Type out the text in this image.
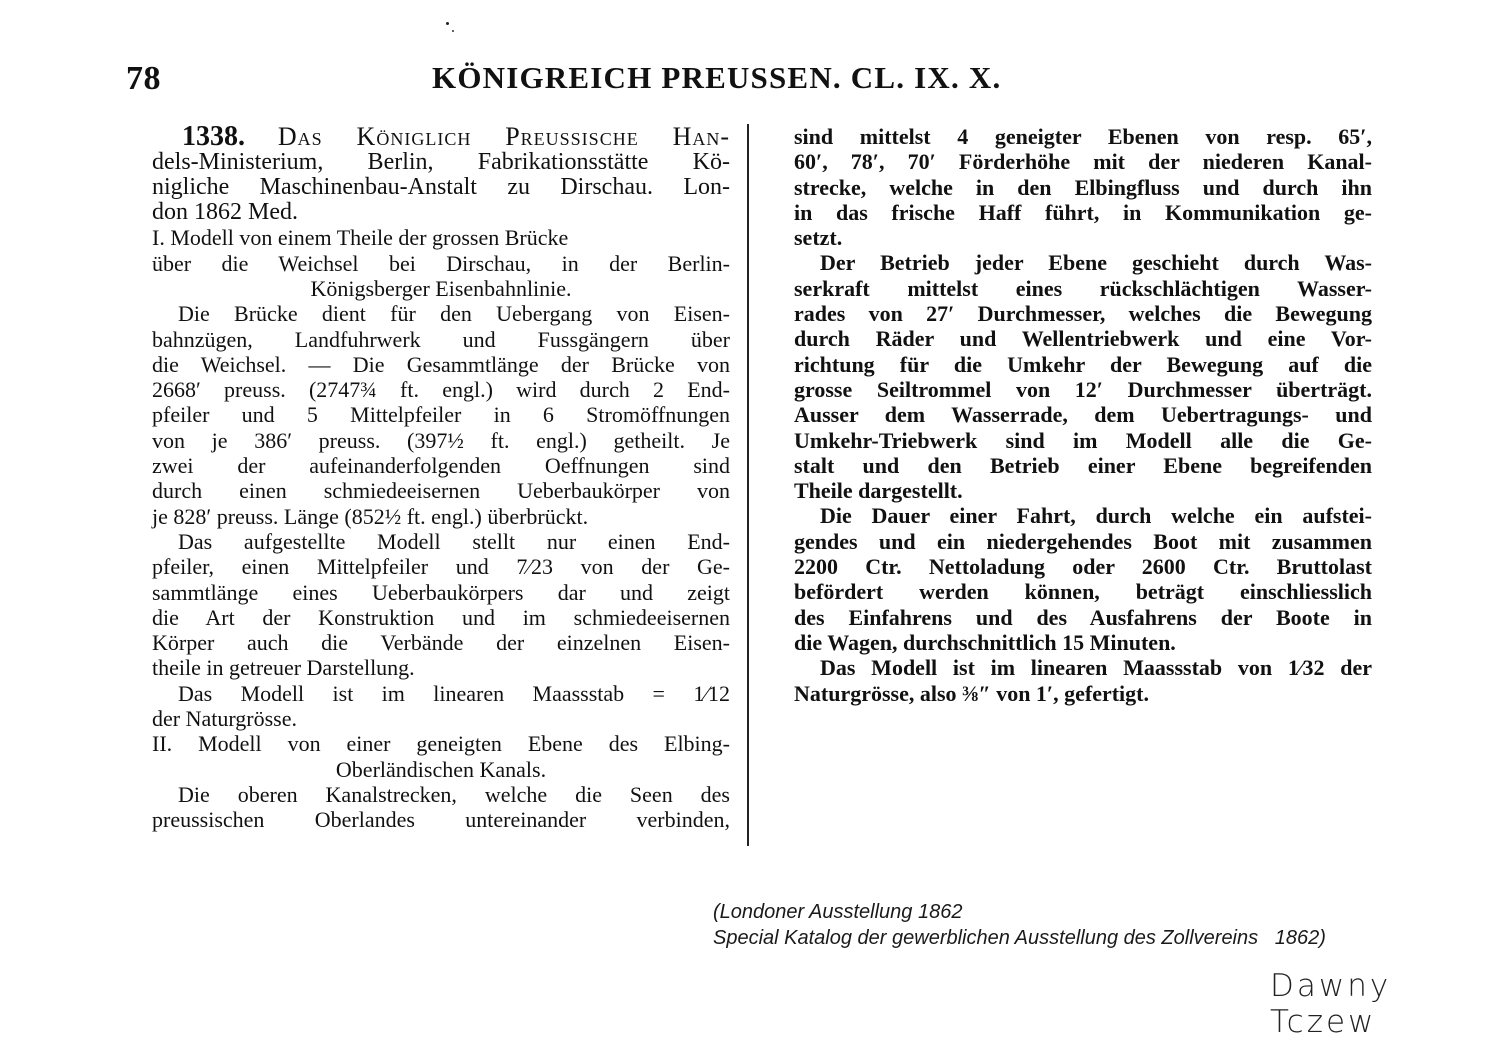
78	KÖNIGREICH PREUSSEN. CL. IX. X.
1338. Das Königlich Preussische Han-
dels-Ministerium, Berlin, Fabrikationsstätte Kö-
nigliche Maschinenbau-Anstalt zu Dirschau. Lon-
don 1862 Med.
I. Modell von einem Theile der grossen Brücke
über die Weichsel bei Dirschau, in der Berlin-
Königsberger Eisenbahnlinie.
Die Brücke dient für den Uebergang von Eisen-
bahnzügen, Landfuhrwerk und Fussgängern über
die Weichsel. — Die Gesammtlänge der Brücke von
2668′ preuss. (2747¾ ft. engl.) wird durch 2 End-
pfeiler und 5 Mittelpfeiler in 6 Stromöffnungen
von je 386′ preuss. (397½ ft. engl.) getheilt. Je
zwei der aufeinanderfolgenden Oeffnungen sind
durch einen schmiedeeisernen Ueberbaukörper von
je 828′ preuss. Länge (852½ ft. engl.) überbrückt.
Das aufgestellte Modell stellt nur einen End-
pfeiler, einen Mittelpfeiler und 7⁄23 von der Ge-
sammtlänge eines Ueberbaukörpers dar und zeigt
die Art der Konstruktion und im schmiedeeisernen
Körper auch die Verbände der einzelnen Eisen-
theile in getreuer Darstellung.
Das Modell ist im linearen Maassstab = 1⁄12
der Naturgrösse.
II. Modell von einer geneigten Ebene des Elbing-
Oberländischen Kanals.
Die oberen Kanalstrecken, welche die Seen des
preussischen Oberlandes untereinander verbinden,
sind mittelst 4 geneigter Ebenen von resp. 65′,
60′, 78′, 70′ Förderhöhe mit der niederen Kanal-
strecke, welche in den Elbingfluss und durch ihn
in das frische Haff führt, in Kommunikation ge-
setzt.
Der Betrieb jeder Ebene geschieht durch Was-
serkraft mittelst eines rückschlächtigen Wasser-
rades von 27′ Durchmesser, welches die Bewegung
durch Räder und Wellentriebwerk und eine Vor-
richtung für die Umkehr der Bewegung auf die
grosse Seiltrommel von 12′ Durchmesser überträgt.
Ausser dem Wasserrade, dem Uebertragungs- und
Umkehr-Triebwerk sind im Modell alle die Ge-
stalt und den Betrieb einer Ebene begreifenden
Theile dargestellt.
Die Dauer einer Fahrt, durch welche ein aufstei-
gendes und ein niedergehendes Boot mit zusammen
2200 Ctr. Nettoladung oder 2600 Ctr. Bruttolast
befördert werden können, beträgt einschliesslich
des Einfahrens und des Ausfahrens der Boote in
die Wagen, durchschnittlich 15 Minuten.
Das Modell ist im linearen Maassstab von 1⁄32 der
Naturgrösse, also ⅜″ von 1′, gefertigt.
(Londoner Ausstellung 1862
Special Katalog der gewerblichen Ausstellung des Zollvereins   1862)
Dawny Tczew
